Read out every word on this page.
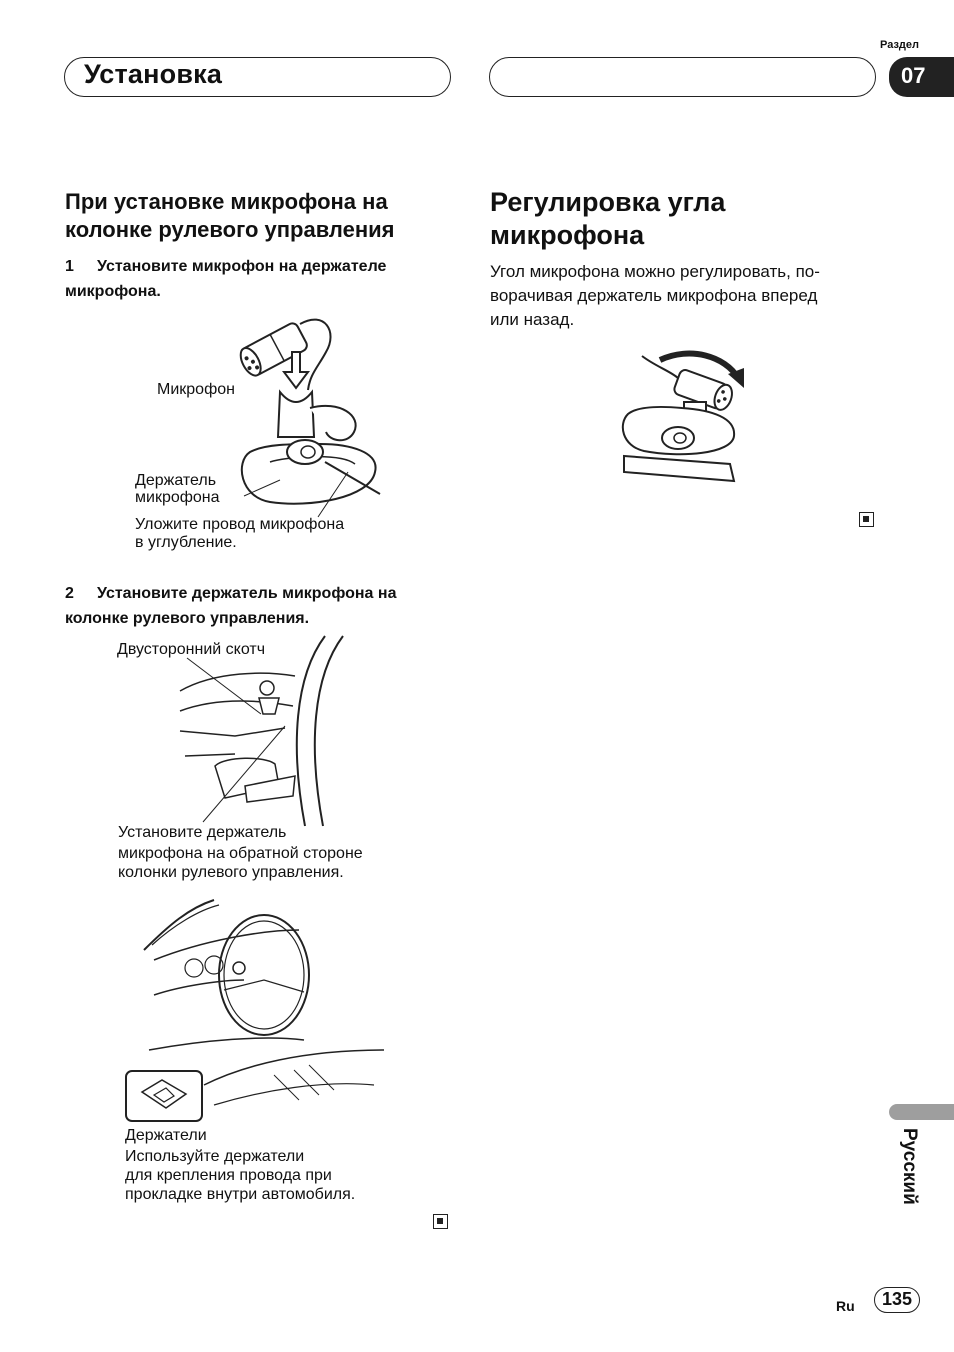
Установка
Раздел
07
При установке микрофона на колонке рулевого управления
1 Установите микрофон на держателе микрофона.
Микрофон
Держатель
микрофона
Уложите провод микрофона
в углубление.
2 Установите держатель микрофона на колонке рулевого управления.
Двусторонний скотч
Установите держатель
микрофона на обратной стороне
колонки рулевого управления.
Держатели
Используйте держатели
для крепления провода при
прокладке внутри автомобиля.
Регулировка угла микрофона
Угол микрофона можно регулировать, по-
ворачивая держатель микрофона вперед
или назад.
Русский
Ru	135
